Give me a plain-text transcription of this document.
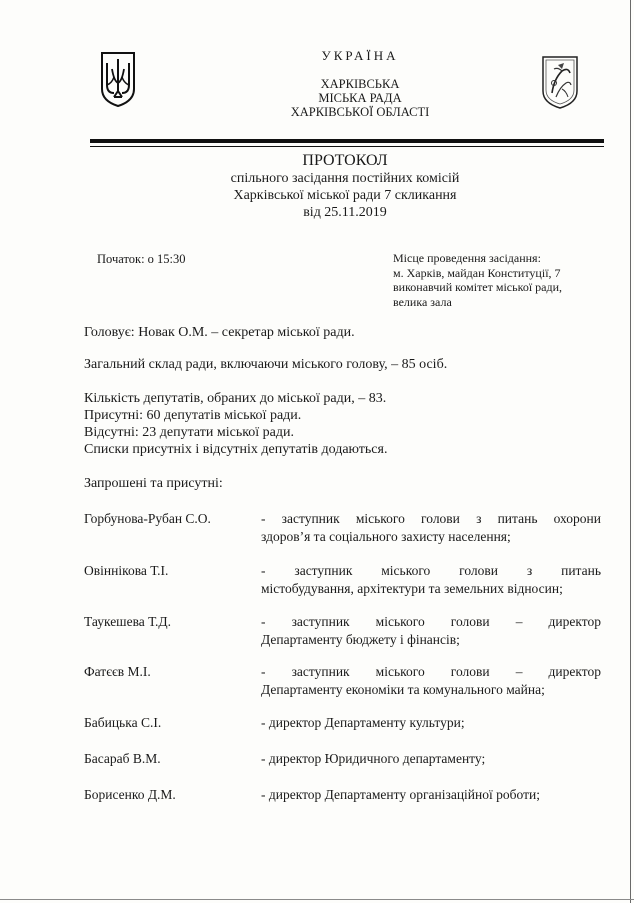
УКРАЇНА
ХАРКІВСЬКА
МІСЬКА РАДА
ХАРКІВСЬКОЇ ОБЛАСТІ
ПРОТОКОЛ
спільного засідання постійних комісій
Харківської міської ради 7 скликання
від 25.11.2019
Початок: о 15:30	Місце проведення засідання:
м. Харків, майдан Конституції, 7
виконавчий комітет міської ради,
велика зала
Головує: Новак О.М. – секретар міської ради.
Загальний склад ради, включаючи міського голову, – 85 осіб.
Кількість депутатів, обраних до міської ради, – 83.
Присутні: 60 депутатів міської ради.
Відсутні: 23 депутати міської ради.
Списки присутніх і відсутніх депутатів додаються.
Запрошені та присутні:
Горбунова-Рубан С.О.	- заступник міського голови з питань охорони
здоров’я та соціального захисту населення;
Овіннікова Т.І.	- заступник міського голови з питань
містобудування, архітектури та земельних відносин;
Таукешева Т.Д.	- заступник міського голови – директор
Департаменту бюджету і фінансів;
Фатєєв М.І.	- заступник міського голови – директор
Департаменту економіки та комунального майна;
Бабицька С.І.	- директор Департаменту культури;
Басараб В.М.	- директор Юридичного департаменту;
Борисенко Д.М.	- директор Департаменту організаційної роботи;
